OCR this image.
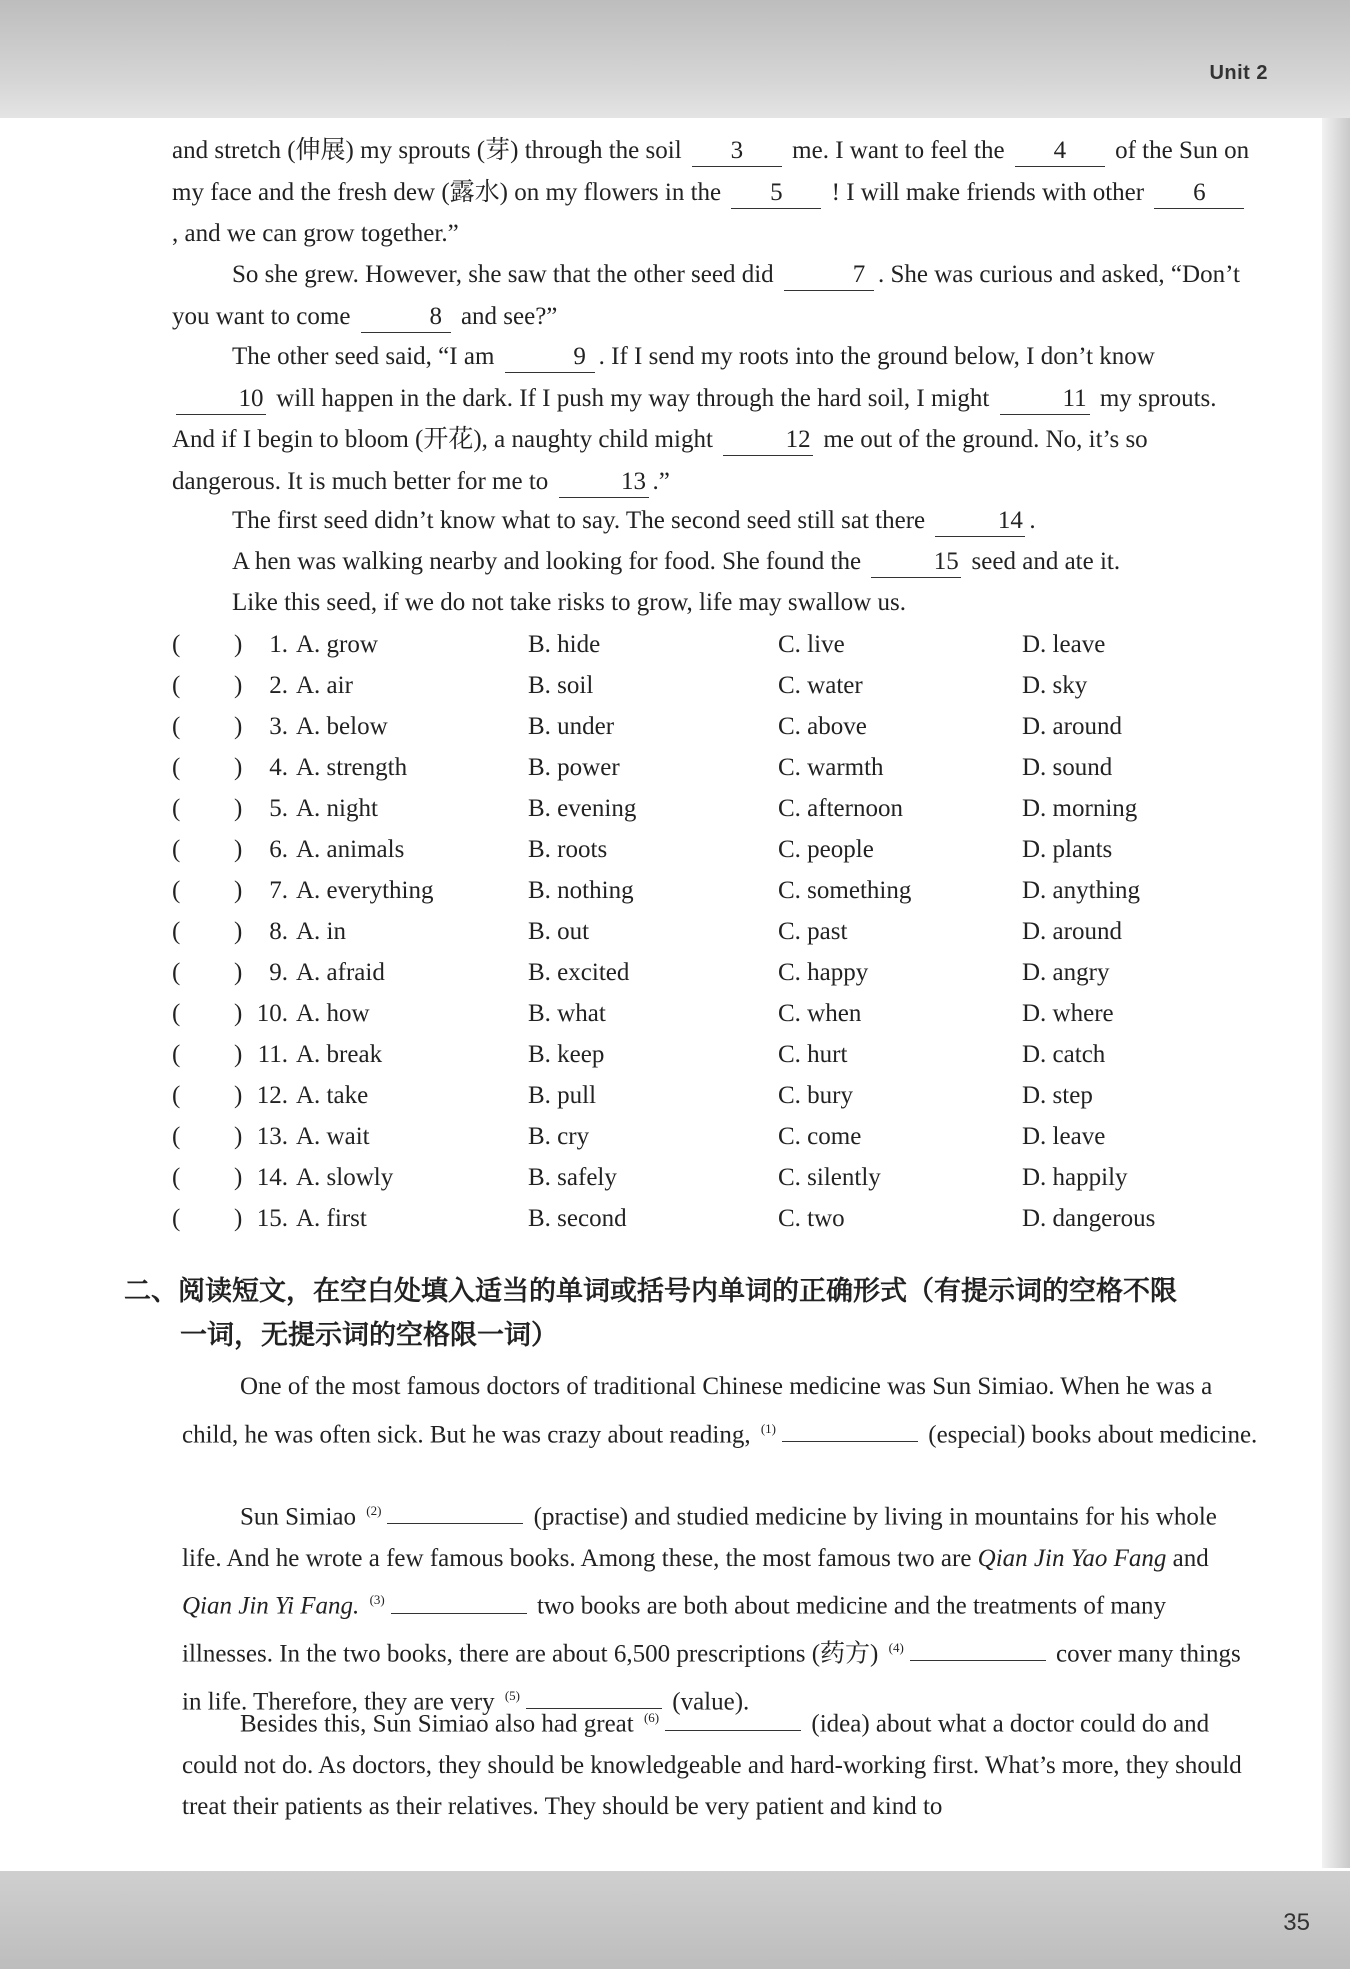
Unit 2

and stretch (伸展) my sprouts (芽) through the soil 3 me. I want to feel the 4 of the Sun on my face and the fresh dew (露水) on my flowers in the 5 ! I will make friends with other 6, and we can grow together.”

So she grew. However, she saw that the other seed did	7 . She was curious and asked, “Don’t you want to come	8 and see?”

The other seed said, “I am	9 . If I send my roots into the ground below, I don’t know 10 will happen in the dark. If I push my way through the hard soil, I might	11 my sprouts. And if I begin to bloom (开花), a naughty child might	12 me out of the ground. No, it’s so dangerous. It is much better for me to	13 .”

The first seed didn’t know what to say. The second seed still sat there	14 .

A hen was walking nearby and looking for food. She found the	15 seed and ate it.

Like this seed, if we do not take risks to grow, life may swallow us.

( )	1. A. grow	B. hide	C. live	D. leave
( )	2. A. air	B. soil	C. water	D. sky
( )	3. A. below	B. under	C. above	D. around
( )	4. A. strength	B. power	C. warmth	D. sound
( )	5. A. night	B. evening	C. afternoon	D. morning
( )	6. A. animals	B. roots	C. people	D. plants
( )	7. A. everything	B. nothing	C. something	D. anything
( )	8. A. in	B. out	C. past	D. around
( )	9. A. afraid	B. excited	C. happy	D. angry
( ) 10. A. how	B. what	C. when	D. where
( ) 11. A. break	B. keep	C. hurt	D. catch
( ) 12. A. take	B. pull	C. bury	D. step
( ) 13. A. wait	B. cry	C. come	D. leave
( ) 14. A. slowly	B. safely	C. silently	D. happily
( ) 15. A. first	B. second	C. two	D. dangerous
二、阅读短文，在空白处填入适当的单词或括号内单词的正确形式（有提示词的空格不限
一词，无提示词的空格限一词）

One of the most famous doctors of traditional Chinese medicine was Sun Simiao. When he was a child, he was often sick. But he was crazy about reading, $^{(1)}$	(especial) books about medicine.

Sun Simiao $^{(2)}$	(practise) and studied medicine by living in mountains for his whole life. And he wrote a few famous books. Among these, the most famous two are Qian Jin Yao Fang and Qian Jin Yi Fang. $^{(3)}$	two books are both about medicine and the treatments of many illnesses. In the two books, there are about 6,500 prescriptions (药方) $^{(4)}$	cover many things in life. Therefore, they are very $^{(5)}$	(value).

Besides this, Sun Simiao also had great $^{(6)}$	(idea) about what a doctor could do and could not do. As doctors, they should be knowledgeable and hard-working first. What’s more, they should treat their patients as their relatives. They should be very patient and kind to

35
